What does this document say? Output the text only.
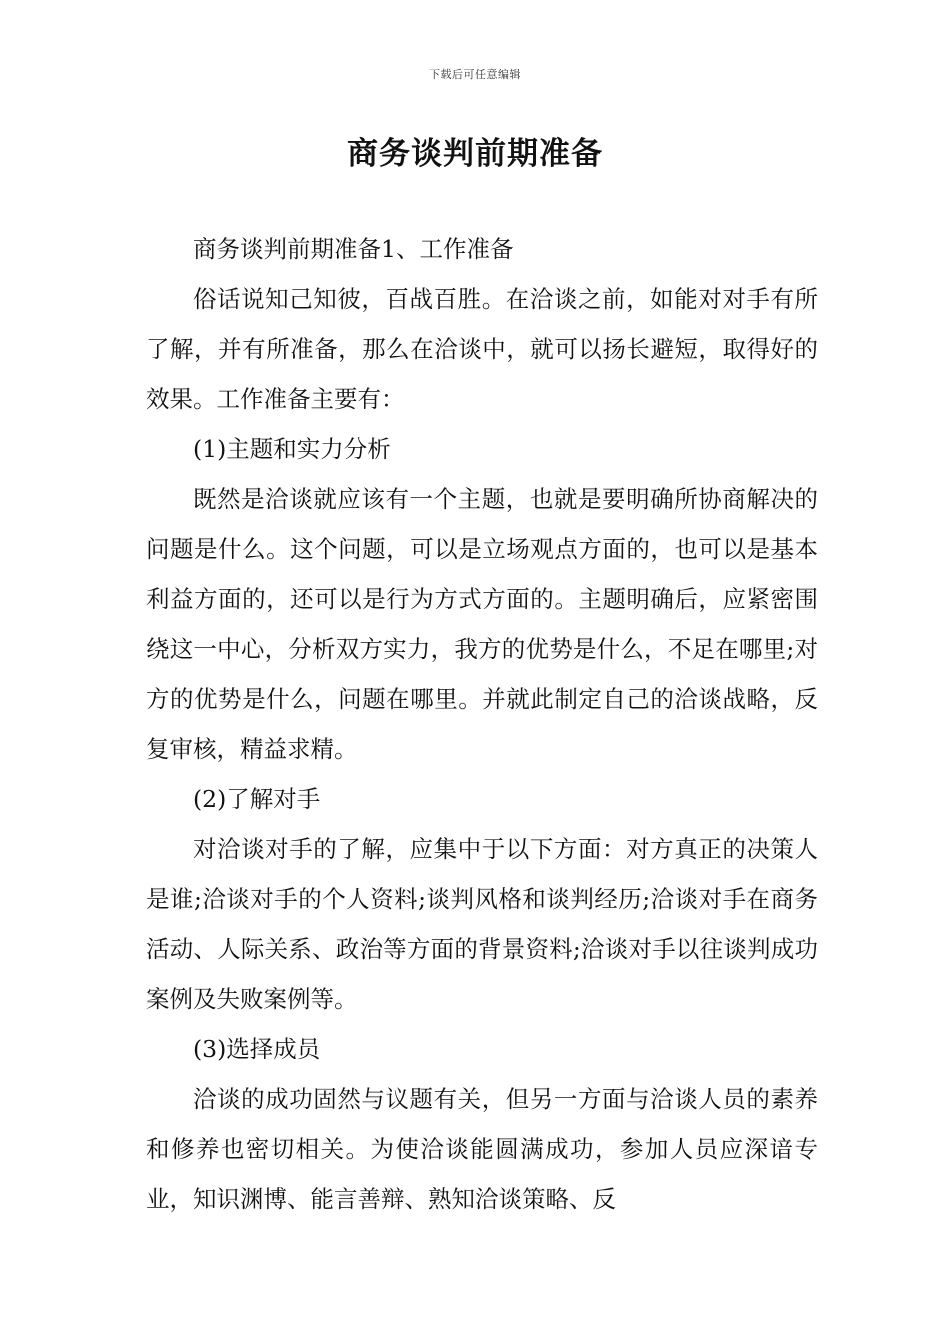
下载后可任意编辑
商务谈判前期准备

商务谈判前期准备1、工作准备

俗话说知己知彼，百战百胜。在洽谈之前，如能对对手有所了解，并有所准备，那么在洽谈中，就可以扬长避短，取得好的效果。工作准备主要有：

(1)主题和实力分析

既然是洽谈就应该有一个主题，也就是要明确所协商解决的问题是什么。这个问题，可以是立场观点方面的，也可以是基本利益方面的，还可以是行为方式方面的。主题明确后，应紧密围绕这一中心，分析双方实力，我方的优势是什么，不足在哪里;对方的优势是什么，问题在哪里。并就此制定自己的洽谈战略，反复审核，精益求精。

(2)了解对手

对洽谈对手的了解，应集中于以下方面：对方真正的决策人是谁;洽谈对手的个人资料;谈判风格和谈判经历;洽谈对手在商务活动、人际关系、政治等方面的背景资料;洽谈对手以往谈判成功案例及失败案例等。

(3)选择成员

洽谈的成功固然与议题有关，但另一方面与洽谈人员的素养和修养也密切相关。为使洽谈能圆满成功，参加人员应深谙专业，知识渊博、能言善辩、熟知洽谈策略、反
